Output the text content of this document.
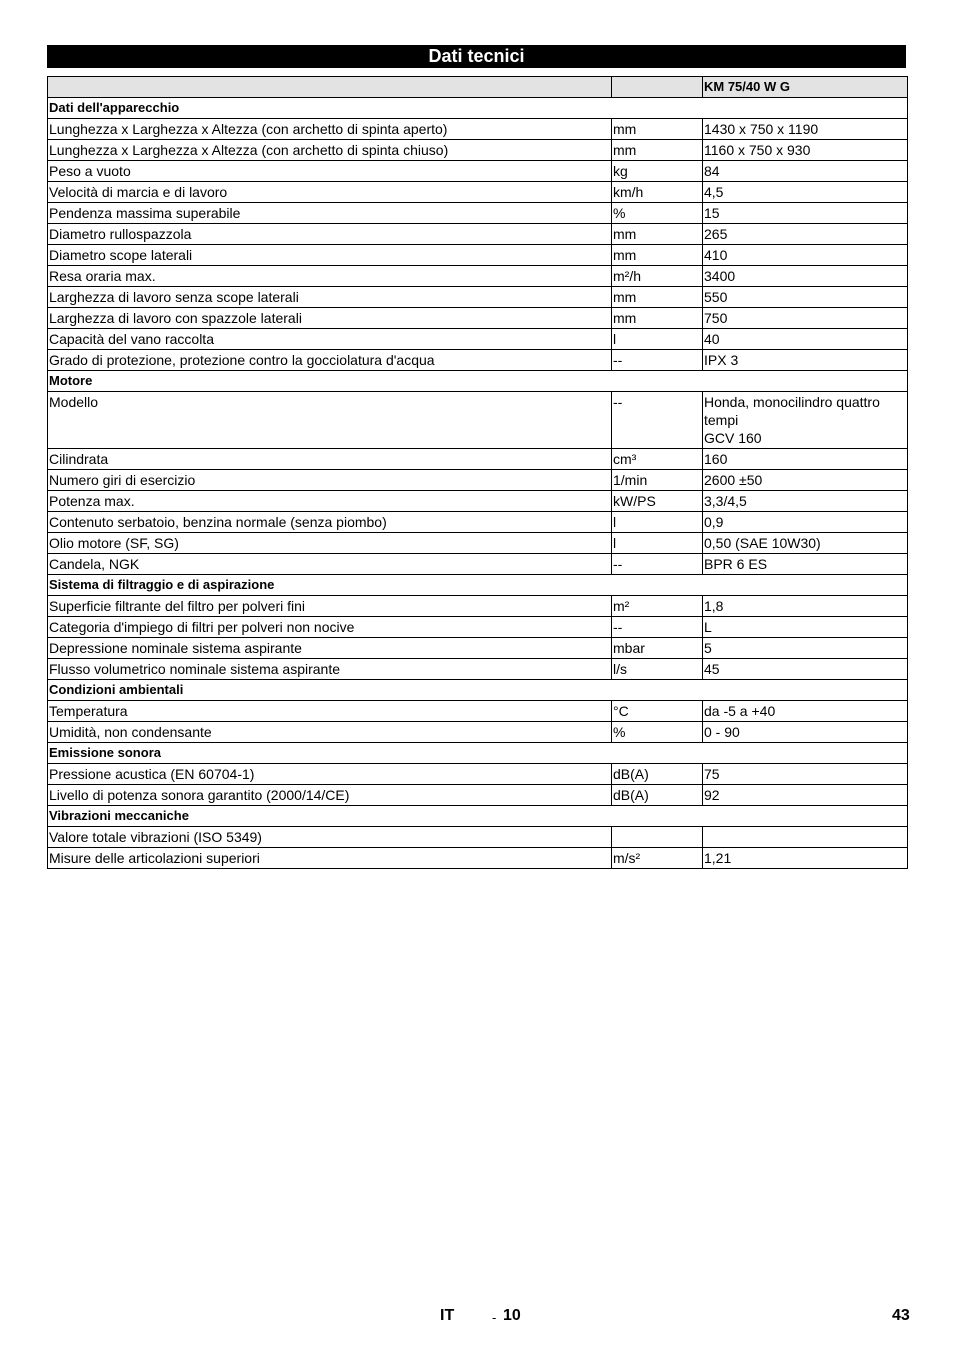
Dati tecnici
		KM 75/40 W G
Dati dell'apparecchio		
Lunghezza x Larghezza x Altezza (con archetto di spinta aperto)	mm	1430 x 750 x 1190
Lunghezza x Larghezza x Altezza (con archetto di spinta chiuso)	mm	1160 x 750 x 930
Peso a vuoto	kg	84
Velocità di marcia e di lavoro	km/h	4,5
Pendenza massima superabile	%	15
Diametro rullospazzola	mm	265
Diametro scope laterali	mm	410
Resa oraria max.	m²/h	3400
Larghezza di lavoro senza scope laterali	mm	550
Larghezza di lavoro con spazzole laterali	mm	750
Capacità del vano raccolta	l	40
Grado di protezione, protezione contro la gocciolatura d'acqua	--	IPX 3
Motore		
Modello	--	Honda, monocilindro quattro tempi
GCV 160
Cilindrata	cm³	160
Numero giri di esercizio	1/min	2600 ±50
Potenza max.	kW/PS	3,3/4,5
Contenuto serbatoio, benzina normale (senza piombo)	l	0,9
Olio motore (SF, SG)	l	0,50 (SAE 10W30)
Candela, NGK	--	BPR 6 ES
Sistema di filtraggio e di aspirazione		
Superficie filtrante del filtro per polveri fini	m²	1,8
Categoria d'impiego di filtri per polveri non nocive	--	L
Depressione nominale sistema aspirante	mbar	5
Flusso volumetrico nominale sistema aspirante	l/s	45
Condizioni ambientali		
Temperatura	°C	da -5 a +40
Umidità, non condensante	%	0 - 90
Emissione sonora		
Pressione acustica (EN 60704-1)	dB(A)	75
Livello di potenza sonora garantito (2000/14/CE)	dB(A)	92
Vibrazioni meccaniche		
Valore totale vibrazioni (ISO 5349)		
Misure delle articolazioni superiori	m/s²	1,21
IT	- 10	43
